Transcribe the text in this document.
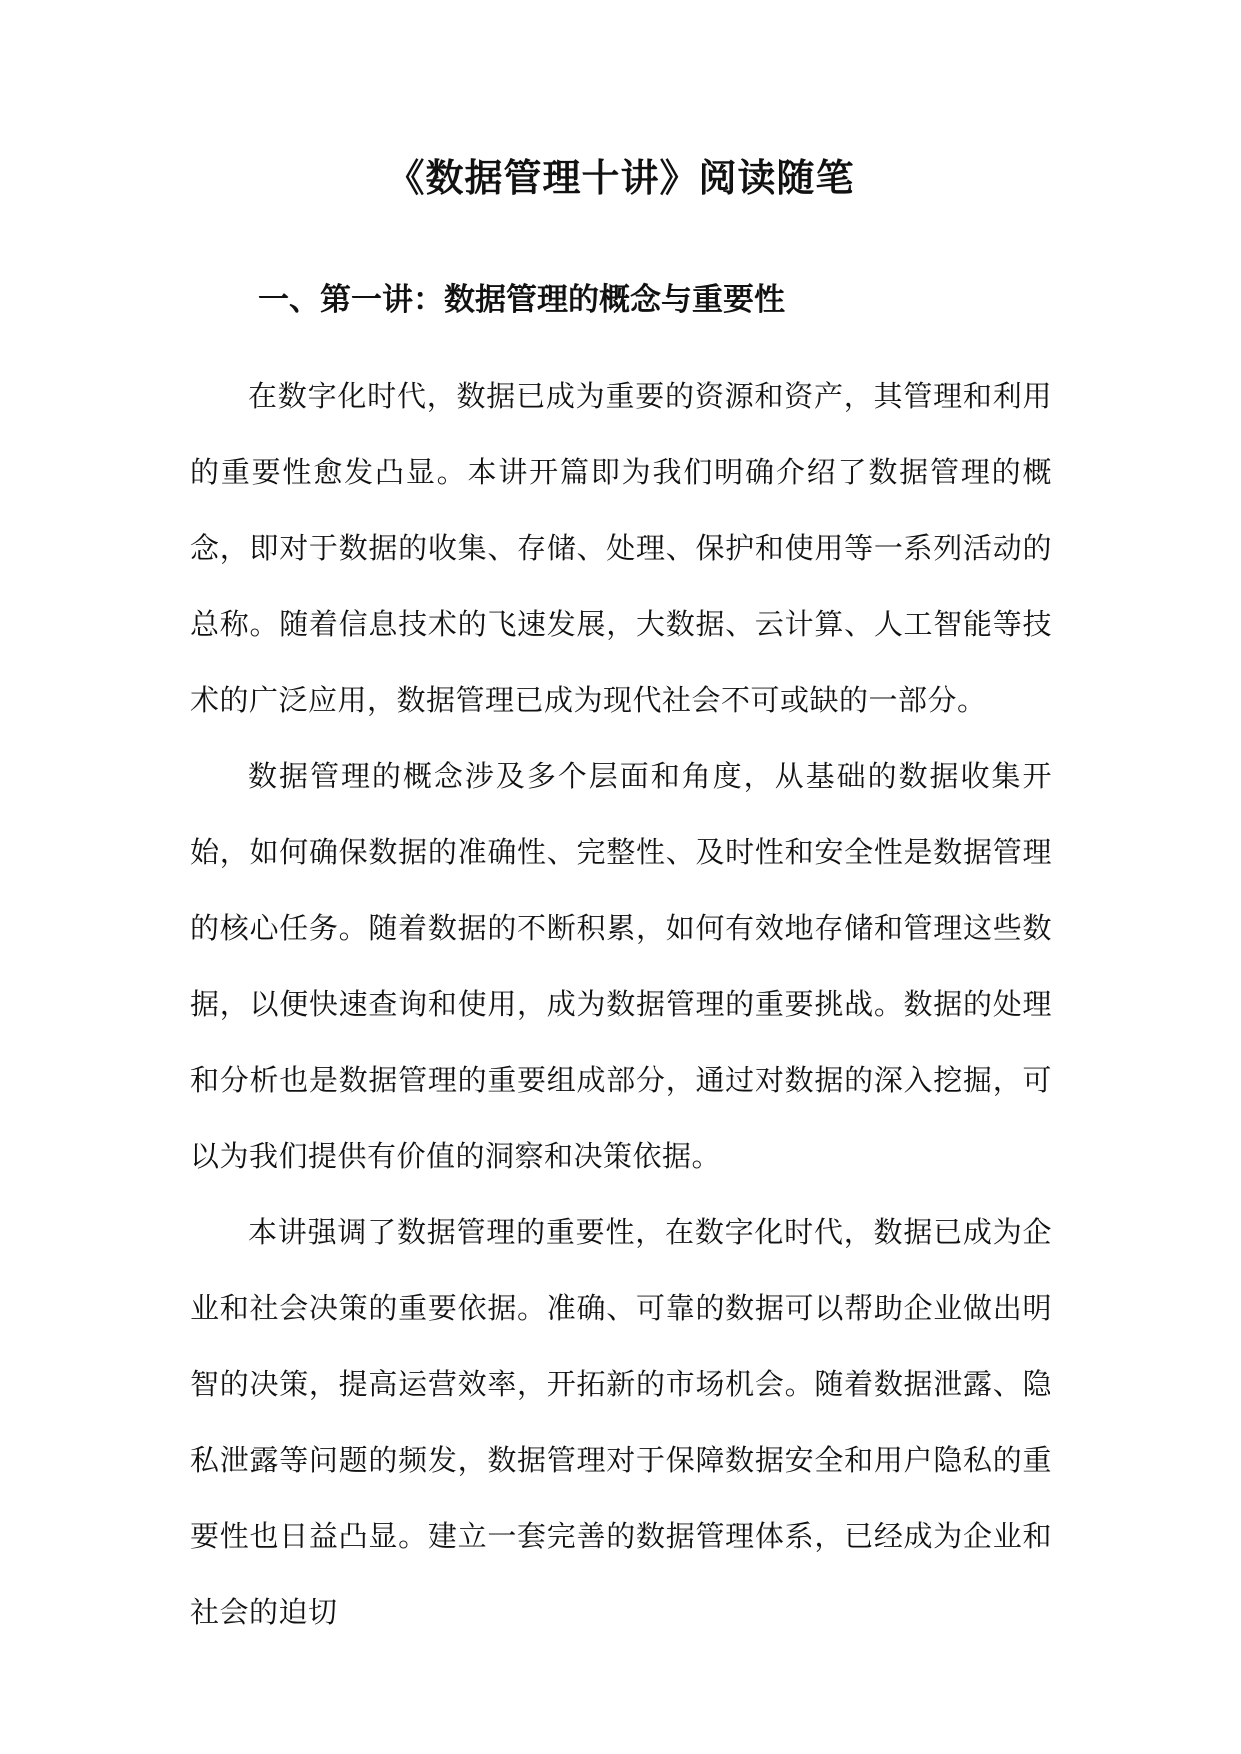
《数据管理十讲》阅读随笔
一、第一讲：数据管理的概念与重要性

在数字化时代，数据已成为重要的资源和资产，其管理和利用的重要性愈发凸显。本讲开篇即为我们明确介绍了数据管理的概念，即对于数据的收集、存储、处理、保护和使用等一系列活动的总称。随着信息技术的飞速发展，大数据、云计算、人工智能等技术的广泛应用，数据管理已成为现代社会不可或缺的一部分。

数据管理的概念涉及多个层面和角度，从基础的数据收集开始，如何确保数据的准确性、完整性、及时性和安全性是数据管理的核心任务。随着数据的不断积累，如何有效地存储和管理这些数据，以便快速查询和使用，成为数据管理的重要挑战。数据的处理和分析也是数据管理的重要组成部分，通过对数据的深入挖掘，可以为我们提供有价值的洞察和决策依据。

本讲强调了数据管理的重要性，在数字化时代，数据已成为企业和社会决策的重要依据。准确、可靠的数据可以帮助企业做出明智的决策，提高运营效率，开拓新的市场机会。随着数据泄露、隐私泄露等问题的频发，数据管理对于保障数据安全和用户隐私的重要性也日益凸显。建立一套完善的数据管理体系，已经成为企业和社会的迫切
